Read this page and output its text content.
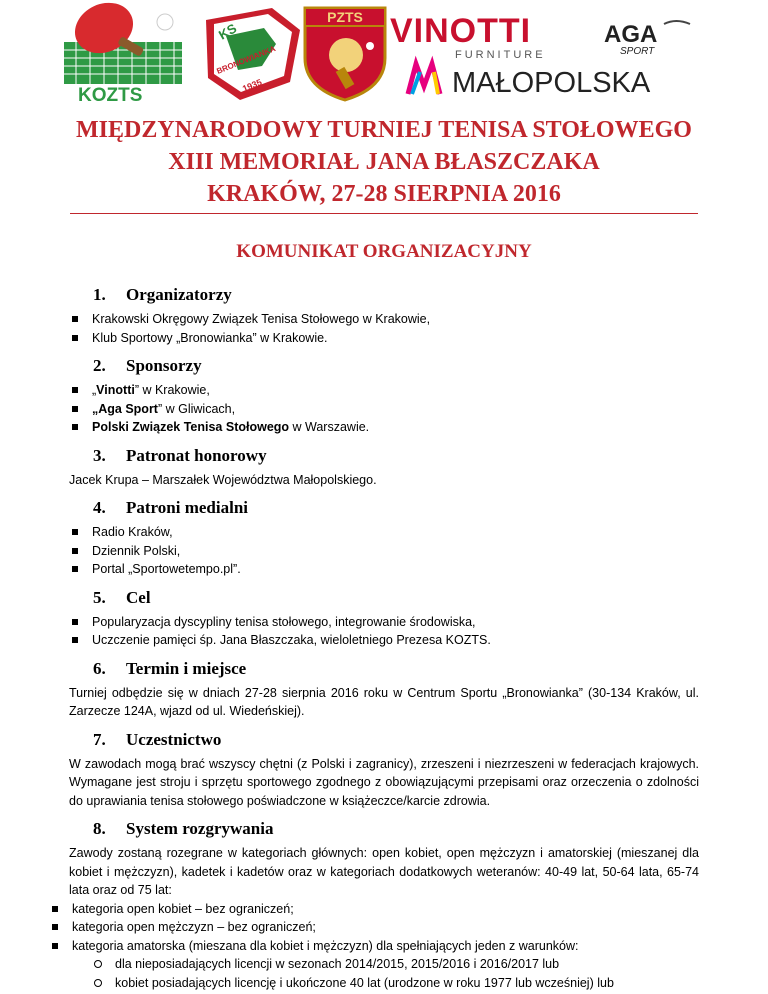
KOZTS
KS
BRONOWIANKA
1935
PZTS VINOTTI
FURNITURE
AGA
SPORT
MAŁOPOLSKA
MIĘDZYNARODOWY TURNIEJ TENISA STOŁOWEGO
XIII MEMORIAŁ JANA BŁASZCZAKA
KRAKÓW, 27-28 SIERPNIA 2016
KOMUNIKAT ORGANIZACYJNY
1.	Organizatorzy
Krakowski Okręgowy Związek Tenisa Stołowego w Krakowie,
Klub Sportowy „Bronowianka” w Krakowie.
2.	Sponsorzy
„Vinotti” w Krakowie,
„Aga Sport” w Gliwicach,
Polski Związek Tenisa Stołowego w Warszawie.
3.	Patronat honorowy

Jacek Krupa – Marszałek Województwa Małopolskiego.

4.	Patroni medialni
Radio Kraków,
Dziennik Polski,
Portal „Sportowetempo.pl”.
5.	Cel
Popularyzacja dyscypliny tenisa stołowego, integrowanie środowiska,
Uczczenie pamięci śp. Jana Błaszczaka, wieloletniego Prezesa KOZTS.
6.	Termin i miejsce

Turniej odbędzie się w dniach 27-28 sierpnia 2016 roku w Centrum Sportu „Bronowianka” (30-134 Kraków, ul. Zarzecze 124A, wjazd od ul. Wiedeńskiej).

7.	Uczestnictwo

W zawodach mogą brać wszyscy chętni (z Polski i zagranicy), zrzeszeni i niezrzeszeni w federacjach krajowych. Wymagane jest stroju i sprzętu sportowego zgodnego z obowiązującymi przepisami oraz orzeczenia o zdolności do uprawiania tenisa stołowego poświadczone w książeczce/karcie zdrowia.

8.	System rozgrywania

Zawody zostaną rozegrane w kategoriach głównych: open kobiet, open mężczyzn i amatorskiej (mieszanej dla kobiet i mężczyzn), kadetek i kadetów oraz w kategoriach dodatkowych weteranów: 40-49 lat, 50-64 lata, 65-74 lata oraz od 75 lat:

kategoria open kobiet – bez ograniczeń;
kategoria open mężczyzn – bez ograniczeń;
kategoria amatorska (mieszana dla kobiet i mężczyzn) dla spełniających jeden z warunków:
dla nieposiadających licencji w sezonach 2014/2015, 2015/2016 i 2016/2017 lub
kobiet posiadających licencję i ukończone 40 lat (urodzone w roku 1977 lub wcześniej) lub
